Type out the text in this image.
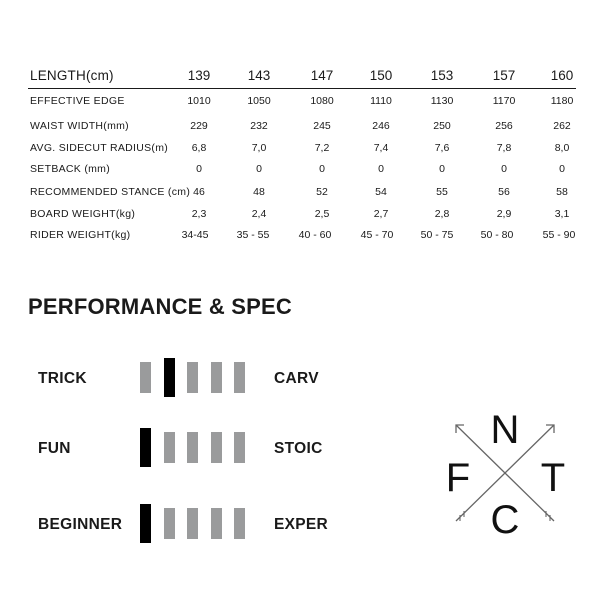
LENGTH(cm)	139	143	147	150	153	157	160
EFFECTIVE EDGE	1010	1050	1080	1110	1130	1170	1180
WAIST WIDTH(mm)	229	232	245	246	250	256	262
AVG. SIDECUT RADIUS(m) 6,8	7,0	7,2	7,4	7,6	7,8	8,0
SETBACK (mm)	0	0	0	0	0	0	0
RECOMMENDED STANCE (cm) 46	48	52	54	55	56	58
BOARD WEIGHT(kg)	2,3	2,4	2,5	2,7	2,8	2,9	3,1
RIDER WEIGHT(kg)	34-45	35 - 55	40 - 60	45 - 70	50 - 75	50 - 80	55 - 90
PERFORMANCE & SPEC
TRICK	CARV
FUN	STOIC
BEGINNER	EXPER
N
F T
C
